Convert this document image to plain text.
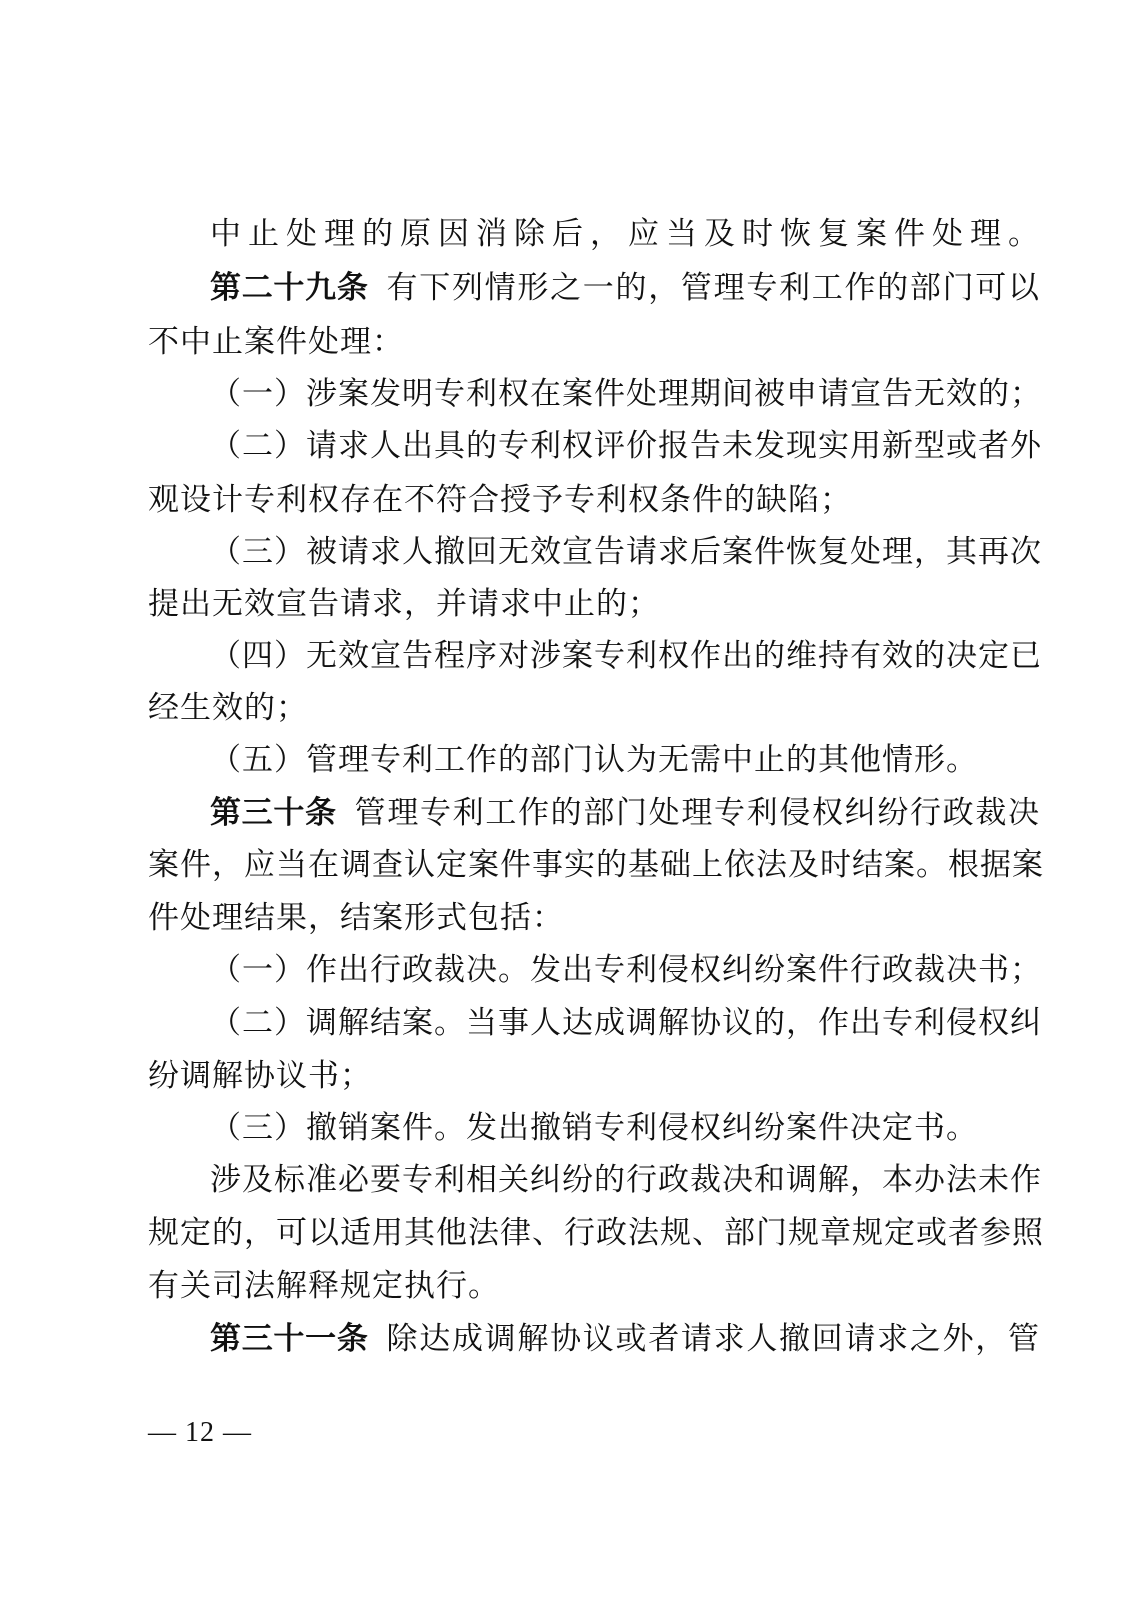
中止处理的原因消除后，应当及时恢复案件处理。
第二十九条 有下列情形之一的，管理专利工作的部门可以
不中止案件处理：
（一）涉案发明专利权在案件处理期间被申请宣告无效的；
（二）请求人出具的专利权评价报告未发现实用新型或者外
观设计专利权存在不符合授予专利权条件的缺陷；
（三）被请求人撤回无效宣告请求后案件恢复处理，其再次
提出无效宣告请求，并请求中止的；
（四）无效宣告程序对涉案专利权作出的维持有效的决定已
经生效的；
（五）管理专利工作的部门认为无需中止的其他情形。
第三十条 管理专利工作的部门处理专利侵权纠纷行政裁决
案件，应当在调查认定案件事实的基础上依法及时结案。根据案
件处理结果，结案形式包括：
（一）作出行政裁决。发出专利侵权纠纷案件行政裁决书；
（二）调解结案。当事人达成调解协议的，作出专利侵权纠
纷调解协议书；
（三）撤销案件。发出撤销专利侵权纠纷案件决定书。
涉及标准必要专利相关纠纷的行政裁决和调解，本办法未作
规定的，可以适用其他法律、行政法规、部门规章规定或者参照
有关司法解释规定执行。
第三十一条 除达成调解协议或者请求人撤回请求之外，管
— 12 —
